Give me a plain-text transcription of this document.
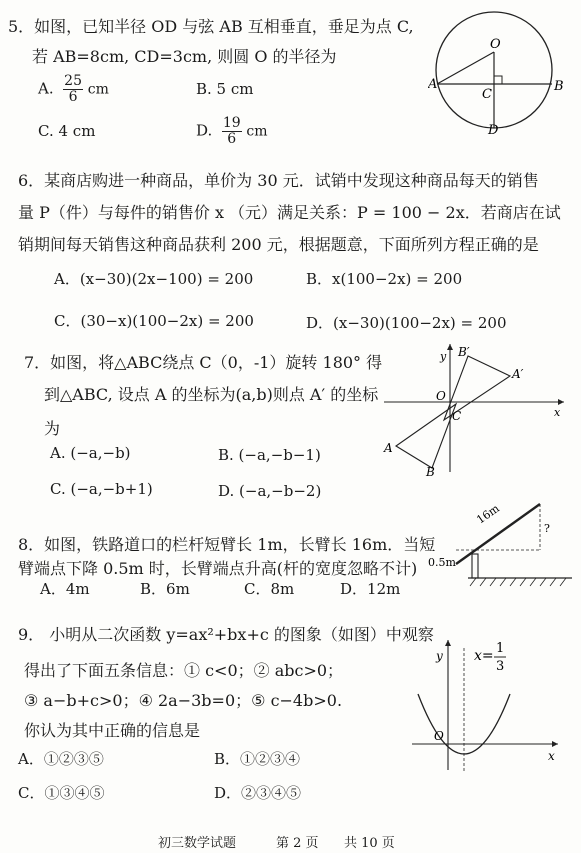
5．如图，已知半径 OD 与弦 AB 互相垂直，垂足为点 C,
若 AB=8cm, CD=3cm, 则圆 O 的半径为
A. $\frac{25}{6}$ cm	B. 5 cm
C. 4 cm	D. $\frac{19}{6}$ cm
O
A	B
C
D
6．某商店购进一种商品，单价为 30 元．试销中发现这种商品每天的销售
量 P（件）与每件的销售价 x （元）满足关系：P = 100 − 2x．若商店在试
销期间每天销售这种商品获利 200 元，根据题意，下面所列方程正确的是
A．(x−30)(2x−100) = 200	B．x(100−2x) = 200
C．(30−x)(100−2x) = 200	D．(x−30)(100−2x) = 200
7．如图，将△ABC绕点 C（0，-1）旋转 180° 得
到△ABC, 设点 A 的坐标为(a,b)则点 A′ 的坐标
为
A. (−a,−b)	B. (−a,−b−1)
C. (−a,−b+1)	D. (−a,−b−2)
y
x
O
C
A
B
A′
B′
8．如图，铁路道口的栏杆短臂长 1m，长臂长 16m．当短
臂端点下降 0.5m 时，长臂端点升高(杆的宽度忽略不计)
A．4m	B．6m	C．8m	D．12m
16m
0.5m
?
9． 小明从二次函数 y=ax²+bx+c 的图象（如图）中观察
得出了下面五条信息：① c<0；② abc>0；
③ a−b+c>0；④ 2a−3b=0；⑤ c−4b>0.
你认为其中正确的信息是
A．①②③⑤	B．①②③④
C．①③④⑤	D．②③④⑤
y
x
O
x= 1
3
初三数学试题	第 2 页 共 10 页
